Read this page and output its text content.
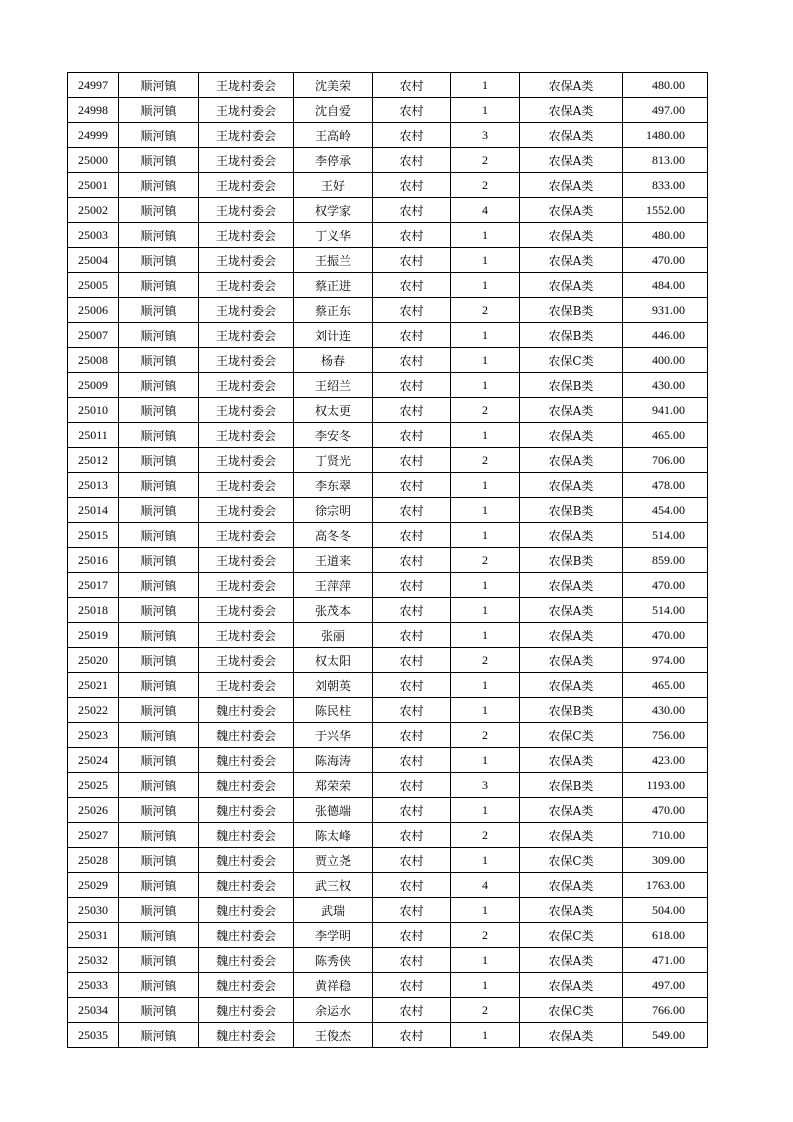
24997	顺河镇	王垅村委会	沈美荣	农村	1	农保A类	480.00
24998	顺河镇	王垅村委会	沈自爱	农村	1	农保A类	497.00
24999	顺河镇	王垅村委会	王高岭	农村	3	农保A类	1480.00
25000	顺河镇	王垅村委会	李停承	农村	2	农保A类	813.00
25001	顺河镇	王垅村委会	王好	农村	2	农保A类	833.00
25002	顺河镇	王垅村委会	权学家	农村	4	农保A类	1552.00
25003	顺河镇	王垅村委会	丁义华	农村	1	农保A类	480.00
25004	顺河镇	王垅村委会	王振兰	农村	1	农保A类	470.00
25005	顺河镇	王垅村委会	蔡正进	农村	1	农保A类	484.00
25006	顺河镇	王垅村委会	蔡正东	农村	2	农保B类	931.00
25007	顺河镇	王垅村委会	刘计连	农村	1	农保B类	446.00
25008	顺河镇	王垅村委会	杨春	农村	1	农保C类	400.00
25009	顺河镇	王垅村委会	王绍兰	农村	1	农保B类	430.00
25010	顺河镇	王垅村委会	权太更	农村	2	农保A类	941.00
25011	顺河镇	王垅村委会	李安冬	农村	1	农保A类	465.00
25012	顺河镇	王垅村委会	丁贤光	农村	2	农保A类	706.00
25013	顺河镇	王垅村委会	李东翠	农村	1	农保A类	478.00
25014	顺河镇	王垅村委会	徐宗明	农村	1	农保B类	454.00
25015	顺河镇	王垅村委会	高冬冬	农村	1	农保A类	514.00
25016	顺河镇	王垅村委会	王道来	农村	2	农保B类	859.00
25017	顺河镇	王垅村委会	王萍萍	农村	1	农保A类	470.00
25018	顺河镇	王垅村委会	张茂本	农村	1	农保A类	514.00
25019	顺河镇	王垅村委会	张丽	农村	1	农保A类	470.00
25020	顺河镇	王垅村委会	权太阳	农村	2	农保A类	974.00
25021	顺河镇	王垅村委会	刘朝英	农村	1	农保A类	465.00
25022	顺河镇	魏庄村委会	陈民柱	农村	1	农保B类	430.00
25023	顺河镇	魏庄村委会	于兴华	农村	2	农保C类	756.00
25024	顺河镇	魏庄村委会	陈海涛	农村	1	农保A类	423.00
25025	顺河镇	魏庄村委会	郑荣荣	农村	3	农保B类	1193.00
25026	顺河镇	魏庄村委会	张德端	农村	1	农保A类	470.00
25027	顺河镇	魏庄村委会	陈太峰	农村	2	农保A类	710.00
25028	顺河镇	魏庄村委会	贾立尧	农村	1	农保C类	309.00
25029	顺河镇	魏庄村委会	武三权	农村	4	农保A类	1763.00
25030	顺河镇	魏庄村委会	武瑞	农村	1	农保A类	504.00
25031	顺河镇	魏庄村委会	李学明	农村	2	农保C类	618.00
25032	顺河镇	魏庄村委会	陈秀侠	农村	1	农保A类	471.00
25033	顺河镇	魏庄村委会	黄祥稳	农村	1	农保A类	497.00
25034	顺河镇	魏庄村委会	余运水	农村	2	农保C类	766.00
25035	顺河镇	魏庄村委会	王俊杰	农村	1	农保A类	549.00
